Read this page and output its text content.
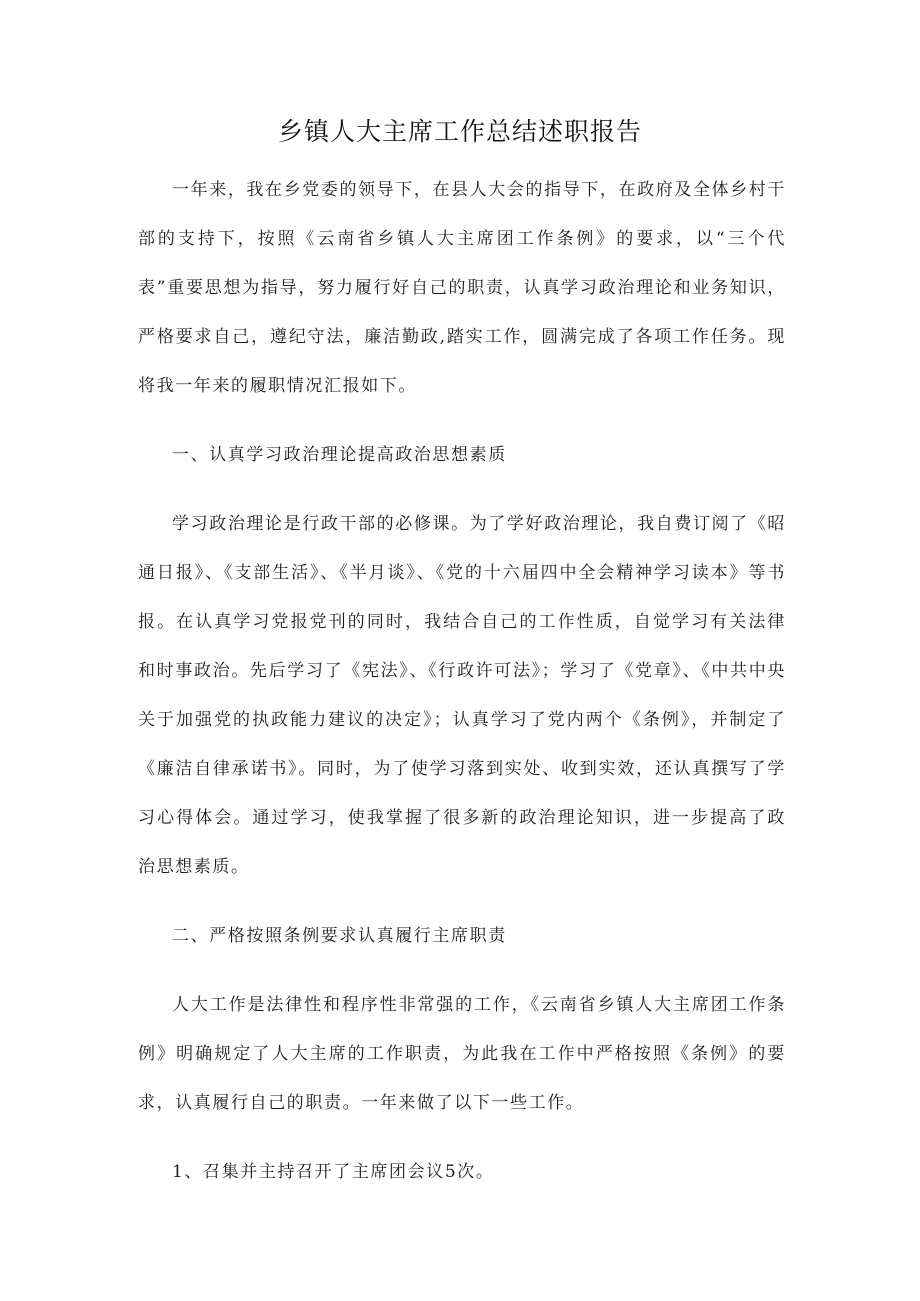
乡镇人大主席工作总结述职报告

一年来，我在乡党委的领导下，在县人大会的指导下，在政府及全体乡村干部的支持下，按照《云南省乡镇人大主席团工作条例》的要求，以“三个代表”重要思想为指导，努力履行好自己的职责，认真学习政治理论和业务知识，严格要求自己，遵纪守法，廉洁勤政,踏实工作，圆满完成了各项工作任务。现将我一年来的履职情况汇报如下。

一、认真学习政治理论提高政治思想素质

学习政治理论是行政干部的必修课。为了学好政治理论，我自费订阅了《昭通日报》、《支部生活》、《半月谈》、《党的十六届四中全会精神学习读本》等书报。在认真学习党报党刊的同时，我结合自己的工作性质，自觉学习有关法律和时事政治。先后学习了《宪法》、《行政许可法》；学习了《党章》、《中共中央关于加强党的执政能力建议的决定》；认真学习了党内两个《条例》，并制定了《廉洁自律承诺书》。同时，为了使学习落到实处、收到实效，还认真撰写了学习心得体会。通过学习，使我掌握了很多新的政治理论知识，进一步提高了政治思想素质。

二、严格按照条例要求认真履行主席职责

人大工作是法律性和程序性非常强的工作，《云南省乡镇人大主席团工作条例》明确规定了人大主席的工作职责，为此我在工作中严格按照《条例》的要求，认真履行自己的职责。一年来做了以下一些工作。

1、召集并主持召开了主席团会议5次。
